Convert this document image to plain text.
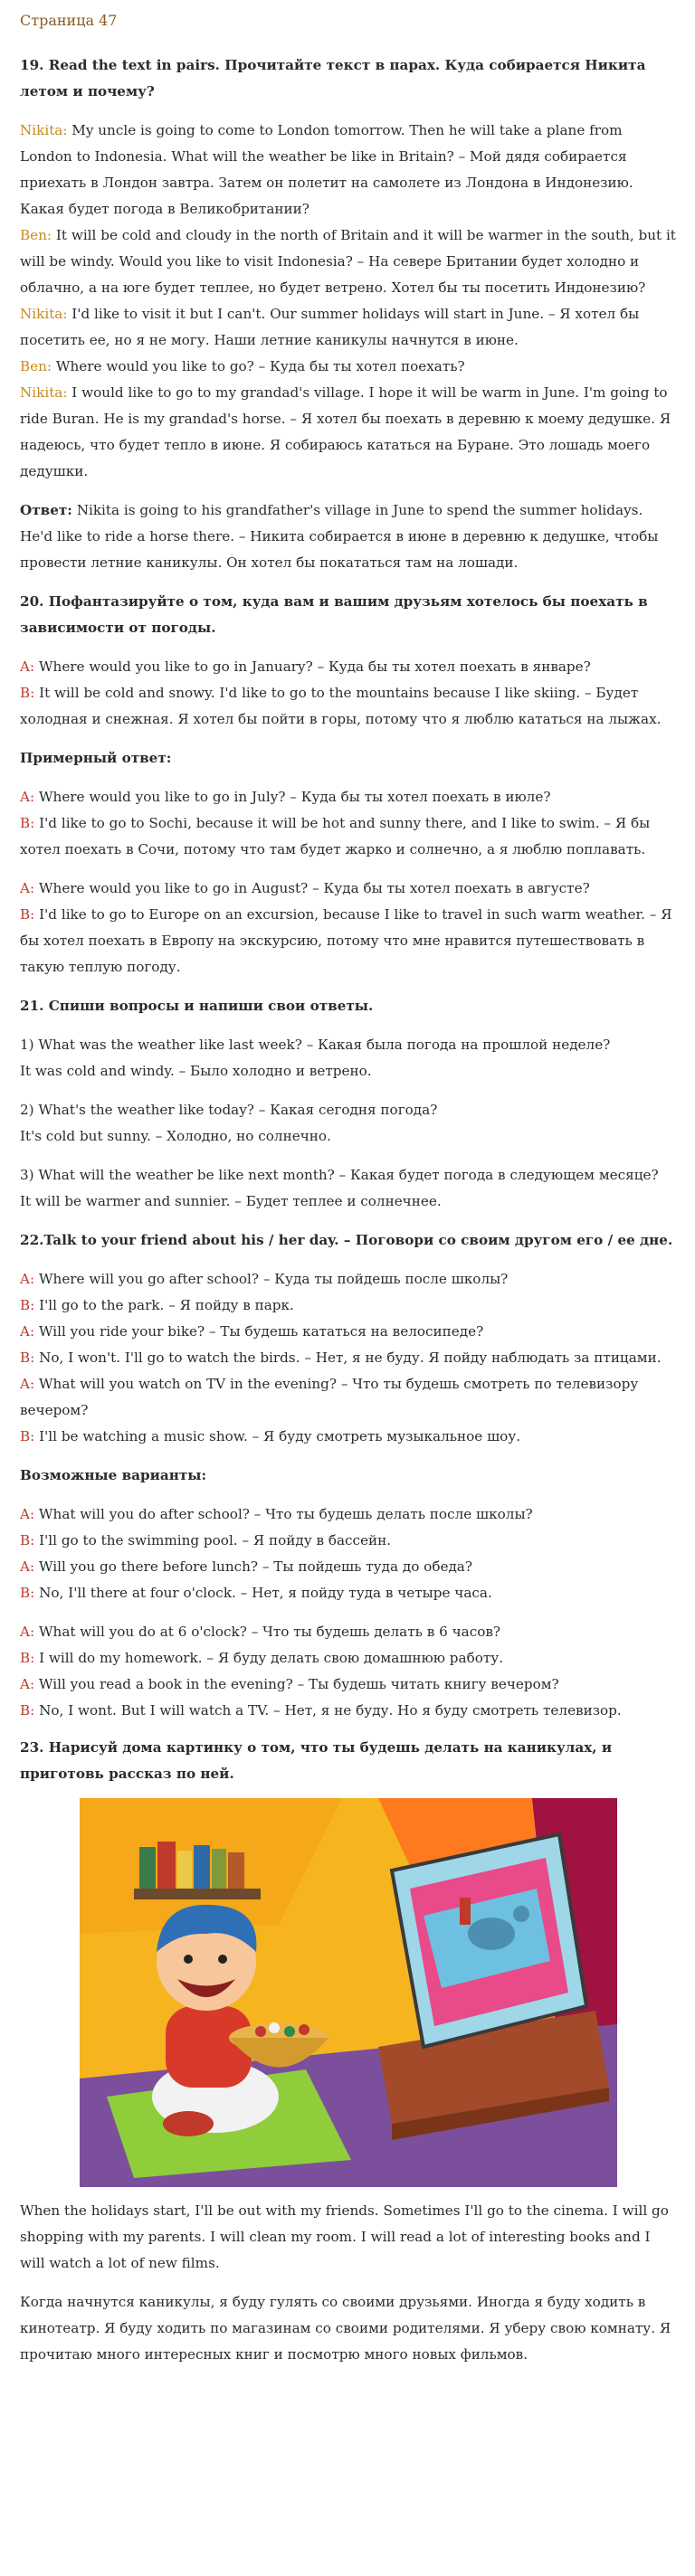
Страница 47

19. Read the text in pairs. Прочитайте текст в парах. Куда собирается Никита летом и почему?

Nikita: My uncle is going to come to London tomorrow. Then he will take a plane from London to Indonesia. What will the weather be like in Britain? – Мой дядя собирается приехать в Лондон завтра. Затем он полетит на самолете из Лондона в Индонезию. Какая будет погода в Великобритании?

Ben: It will be cold and cloudy in the north of Britain and it will be warmer in the south, but it will be windy. Would you like to visit Indonesia? – На севере Британии будет холодно и облачно, а на юге будет теплее, но будет ветрено. Хотел бы ты посетить Индонезию?

Nikita: I'd like to visit it but I can't. Our summer holidays will start in June. – Я хотел бы посетить ее, но я не могу. Наши летние каникулы начнутся в июне.

Ben: Where would you like to go? – Куда бы ты хотел поехать?

Nikita: I would like to go to my grandad's village. I hope it will be warm in June. I'm going to ride Buran. He is my grandad's horse. – Я хотел бы поехать в деревню к моему дедушке. Я надеюсь, что будет тепло в июне. Я собираюсь кататься на Буране. Это лошадь моего дедушки.

Ответ: Nikita is going to his grandfather's village in June to spend the summer holidays. He'd like to ride a horse there. – Никита собирается в июне в деревню к дедушке, чтобы провести летние каникулы. Он хотел бы покататься там на лошади.

20. Пофантазируйте о том, куда вам и вашим друзьям хотелось бы поехать в зависимости от погоды.

A: Where would you like to go in January? – Куда бы ты хотел поехать в январе?

B: It will be cold and snowy. I'd like to go to the mountains because I like skiing. – Будет холодная и снежная. Я хотел бы пойти в горы, потому что я люблю кататься на лыжах.

Примерный ответ:

A: Where would you like to go in July? – Куда бы ты хотел поехать в июле?

B: I'd like to go to Sochi, because it will be hot and sunny there, and I like to swim. – Я бы хотел поехать в Сочи, потому что там будет жарко и солнечно, а я люблю поплавать.

A: Where would you like to go in August? – Куда бы ты хотел поехать в августе?

B: I'd like to go to Europe on an excursion, because I like to travel in such warm weather. – Я бы хотел поехать в Европу на экскурсию, потому что мне нравится путешествовать в такую теплую погоду.

21. Спиши вопросы и напиши свои ответы.

1) What was the weather like last week? – Какая была погода на прошлой неделе?

It was cold and windy. – Было холодно и ветрено.

2) What's the weather like today? – Какая сегодня погода?

It's cold but sunny. – Холодно, но солнечно.

3) What will the weather be like next month? – Какая будет погода в следующем месяце?

It will be warmer and sunnier. – Будет теплее и солнечнее.

22.Talk to your friend about his / her day. – Поговори со своим другом его / ее дне.

A: Where will you go after school? – Куда ты пойдешь после школы?

B: I'll go to the park. – Я пойду в парк.

A: Will you ride your bike? – Ты будешь кататься на велосипеде?

B: No, I won't. I'll go to watch the birds. – Нет, я не буду. Я пойду наблюдать за птицами.

A: What will you watch on TV in the evening? – Что ты будешь смотреть по телевизору вечером?

B: I'll be watching a music show. – Я буду смотреть музыкальное шоу.

Возможные варианты:

A: What will you do after school? – Что ты будешь делать после школы?

B: I'll go to the swimming pool. – Я пойду в бассейн.

A: Will you go there before lunch? – Ты пойдешь туда до обеда?

B: No, I'll there at four o'clock. – Нет, я пойду туда в четыре часа.

A: What will you do at 6 o'clock? – Что ты будешь делать в 6 часов?

B: I will do my homework. – Я буду делать свою домашнюю работу.

A: Will you read a book in the evening? – Ты будешь читать книгу вечером?

B: No, I wont. But I will watch a TV. – Нет, я не буду. Но я буду смотреть телевизор.

23. Нарисуй дома картинку о том, что ты будешь делать на каникулах, и приготовь рассказ по ней.

When the holidays start, I'll be out with my friends. Sometimes I'll go to the cinema. I will go shopping with my parents. I will clean my room. I will read a lot of interesting books and I will watch a lot of new films.

Когда начнутся каникулы, я буду гулять со своими друзьями. Иногда я буду ходить в кинотеатр. Я буду ходить по магазинам со своими родителями. Я уберу свою комнату. Я прочитаю много интересных книг и посмотрю много новых фильмов.
